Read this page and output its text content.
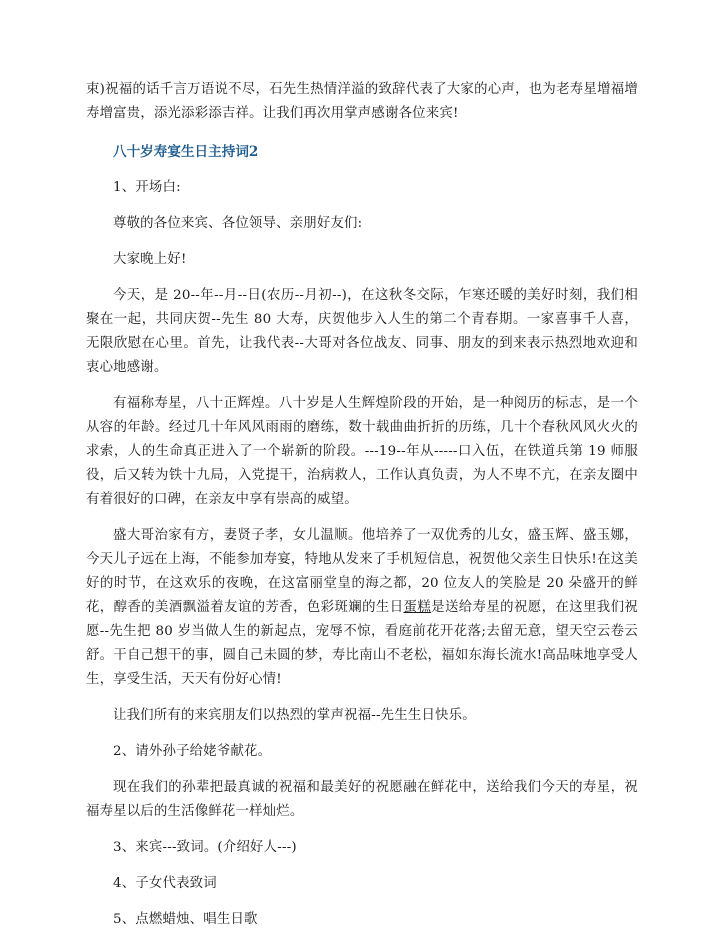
束)祝福的话千言万语说不尽，石先生热情洋溢的致辞代表了大家的心声，也为老寿星增福增寿增富贵，添光添彩添吉祥。让我们再次用掌声感谢各位来宾!

八十岁寿宴生日主持词2

1、开场白:

尊敬的各位来宾、各位领导、亲朋好友们:

大家晚上好!

今天，是 20--年--月--日(农历--月初--)，在这秋冬交际，乍寒还暖的美好时刻，我们相聚在一起，共同庆贺--先生 80 大寿，庆贺他步入人生的第二个青春期。一家喜事千人喜，无限欣慰在心里。首先，让我代表--大哥对各位战友、同事、朋友的到来表示热烈地欢迎和衷心地感谢。

有福称寿星，八十正辉煌。八十岁是人生辉煌阶段的开始，是一种阅历的标志，是一个从容的年龄。经过几十年风风雨雨的磨练，数十载曲曲折折的历练，几十个春秋风风火火的求索，人的生命真正进入了一个崭新的阶段。---19--年从-----口入伍，在铁道兵第 19 师服役，后又转为铁十九局，入党提干，治病救人，工作认真负责，为人不卑不亢，在亲友圈中有着很好的口碑，在亲友中享有崇高的威望。

盛大哥治家有方，妻贤子孝，女儿温顺。他培养了一双优秀的儿女，盛玉辉、盛玉娜，今天儿子远在上海，不能参加寿宴，特地从发来了手机短信息，祝贺他父亲生日快乐!在这美好的时节，在这欢乐的夜晚，在这富丽堂皇的海之都，20 位友人的笑脸是 20 朵盛开的鲜花，醇香的美酒飘溢着友谊的芳香，色彩斑斓的生日蛋糕是送给寿星的祝愿，在这里我们祝愿--先生把 80 岁当做人生的新起点，宠辱不惊，看庭前花开花落;去留无意，望天空云卷云舒。干自己想干的事，圆自己未圆的梦，寿比南山不老松，福如东海长流水!高品味地享受人生，享受生活，天天有份好心情!

让我们所有的来宾朋友们以热烈的掌声祝福--先生生日快乐。

2、请外孙子给姥爷献花。

现在我们的孙辈把最真诚的祝福和最美好的祝愿融在鲜花中，送给我们今天的寿星，祝福寿星以后的生活像鲜花一样灿烂。

3、来宾---致词。(介绍好人---)

4、子女代表致词

5、点燃蜡烛、唱生日歌
